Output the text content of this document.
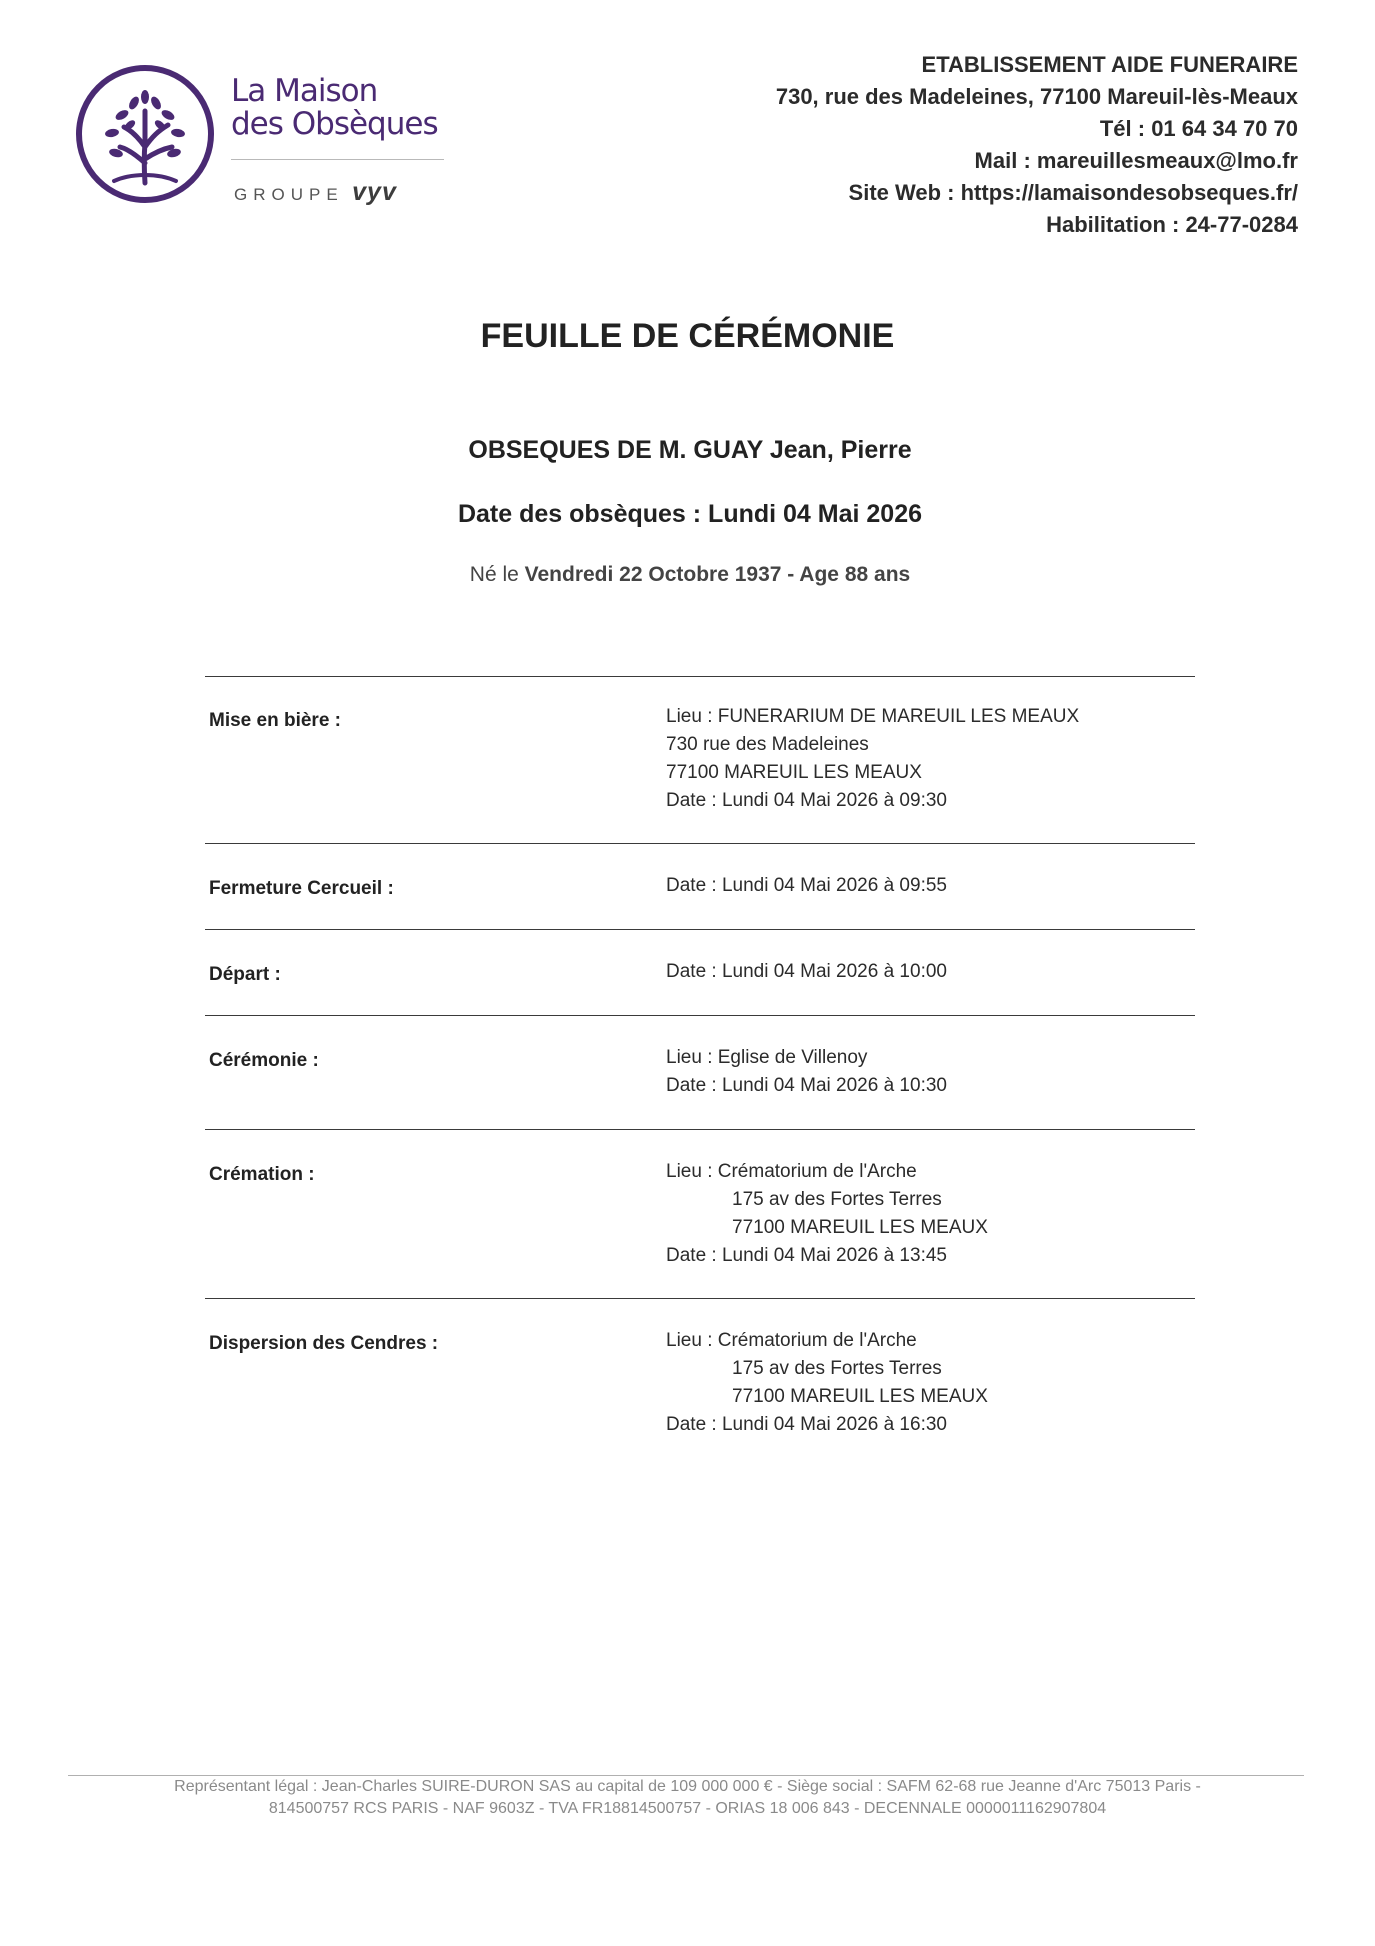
La Maison
des Obsèques
GROUPE vyv
ETABLISSEMENT AIDE FUNERAIRE
730, rue des Madeleines, 77100 Mareuil-lès-Meaux
Tél : 01 64 34 70 70
Mail : mareuillesmeaux@lmo.fr
Site Web : https://lamaisondesobseques.fr/
Habilitation : 24-77-0284
FEUILLE DE CÉRÉMONIE
OBSEQUES DE M. GUAY Jean, Pierre
Date des obsèques : Lundi 04 Mai 2026
Né le Vendredi 22 Octobre 1937 - Age 88 ans
Mise en bière :	Lieu : FUNERARIUM DE MAREUIL LES MEAUX
730 rue des Madeleines
77100 MAREUIL LES MEAUX
Date : Lundi 04 Mai 2026 à 09:30
Fermeture Cercueil :	Date : Lundi 04 Mai 2026 à 09:55
Départ :	Date : Lundi 04 Mai 2026 à 10:00
Cérémonie :	Lieu : Eglise de Villenoy
Date : Lundi 04 Mai 2026 à 10:30
Crémation :	Lieu : Crématorium de l'Arche
175 av des Fortes Terres
77100 MAREUIL LES MEAUX
Date : Lundi 04 Mai 2026 à 13:45
Dispersion des Cendres :	Lieu : Crématorium de l'Arche
175 av des Fortes Terres
77100 MAREUIL LES MEAUX
Date : Lundi 04 Mai 2026 à 16:30
Représentant légal : Jean-Charles SUIRE-DURON SAS au capital de 109 000 000 € - Siège social : SAFM 62-68 rue Jeanne d'Arc 75013 Paris -
814500757 RCS PARIS - NAF 9603Z - TVA FR18814500757 - ORIAS 18 006 843 - DECENNALE 0000011162907804
